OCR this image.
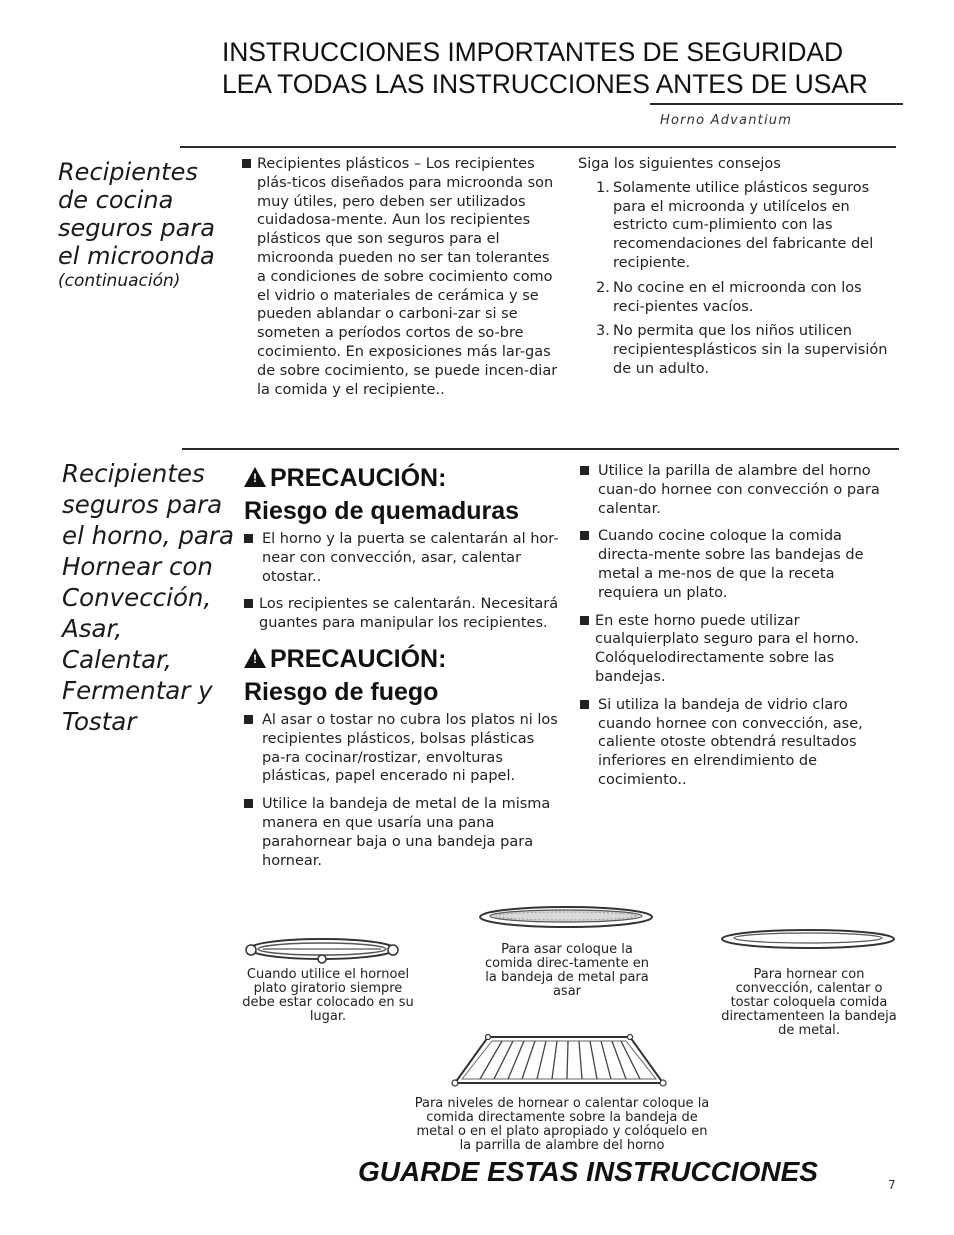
INSTRUCCIONES IMPORTANTES DE SEGURIDAD
LEA TODAS LAS INSTRUCCIONES ANTES DE USAR
Horno Advantium
Recipientes
de cocina
seguros para
el microonda
(continuación)
Recipientes plásticos – Los recipientes plás-ticos diseñados para microonda son muy útiles, pero deben ser utilizados cuidadosa-mente. Aun los recipientes plásticos que son seguros para el microonda pueden no ser tan tolerantes a condiciones de sobre cocimiento como el vidrio o materiales de cerámica y se pueden ablandar o carboni-zar si se someten a períodos cortos de so-bre cocimiento. En exposiciones más lar-gas de sobre cocimiento, se puede incen-diar la comida y el recipiente..
Siga los siguientes consejos
1. Solamente utilice plásticos seguros para el microonda y utilícelos en estricto cum-plimiento con las recomendaciones del fabricante del recipiente.
2. No cocine en el microonda con los reci-pientes vacíos.
3. No permita que los niños utilicen recipientesplásticos sin la supervisión de un adulto.
Recipientes
seguros para
el horno, para
Hornear con
Convección,
Asar,
Calentar,
Fermentar y
Tostar
! PRECAUCIÓN:
Riesgo de quemaduras
El horno y la puerta se calentarán al hor-near con convección, asar, calentar otostar..
Los recipientes se calentarán. Necesitará guantes para manipular los recipientes.
! PRECAUCIÓN:
Riesgo de fuego
Al asar o tostar no cubra los platos ni los recipientes plásticos, bolsas plásticas pa-ra cocinar/rostizar, envolturas plásticas, papel encerado ni papel.
Utilice la bandeja de metal de la misma manera en que usaría una pana parahornear baja o una bandeja para hornear.
Utilice la parilla de alambre del horno cuan-do hornee con convección o para calentar.
Cuando cocine coloque la comida directa-mente sobre las bandejas de metal a me-nos de que la receta requiera un plato.
En este horno puede utilizar cualquierplato seguro para el horno. Colóquelodirectamente sobre las bandejas.
Si utiliza la bandeja de vidrio claro cuando hornee con convección, ase, caliente otoste obtendrá resultados inferiores en elrendimiento de cocimiento..
Cuando utilice el hornoel plato giratorio siempre debe estar colocado en su lugar.
Para asar coloque la comida direc-tamente en la bandeja de metal para asar
Para hornear con convección, calentar o tostar coloquela comida directamenteen la bandeja de metal.
Para niveles de hornear o calentar coloque la comida directamente sobre la bandeja de metal o en el plato apropiado y colóquelo en la parrilla de alambre del horno
GUARDE ESTAS INSTRUCCIONES	7
